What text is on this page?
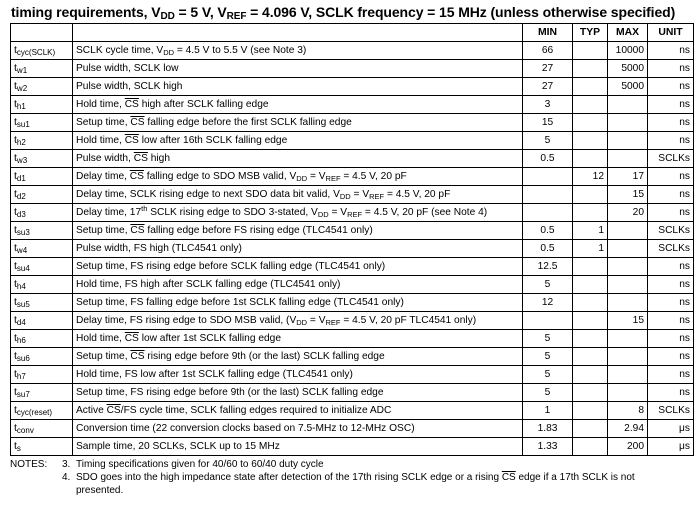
timing requirements, $V_{DD} = 5$ V, $V_{REF} = 4.096$ V, SCLK frequency = 15 MHz (unless otherwise specified)
		MIN	TYP	MAX	UNIT
$t_{cyc(SCLK)}$	SCLK cycle time, $V_{DD} = 4.5$ V to 5.5 V (see Note 3)	66		10000	ns
$t_{w1}$	Pulse width, SCLK low	27		5000	ns
$t_{w2}$	Pulse width, SCLK high	27		5000	ns
$t_{h1}$	Hold time, $\overline{CS}$ high after SCLK falling edge	3			ns
$t_{su1}$	Setup time, $\overline{CS}$ falling edge before the first SCLK falling edge	15			ns
$t_{h2}$	Hold time, $\overline{CS}$ low after 16th SCLK falling edge	5			ns
$t_{w3}$	Pulse width, $\overline{CS}$ high	0.5			SCLKs
$t_{d1}$	Delay time, $\overline{CS}$ falling edge to SDO MSB valid, $V_{DD} = V_{REF} = 4.5$ V, 20 pF		12	17	ns
$t_{d2}$	Delay time, SCLK rising edge to next SDO data bit valid, $V_{DD} = V_{REF} = 4.5$ V, 20 pF			15	ns
$t_{d3}$	Delay time, 17th SCLK rising edge to SDO 3-stated, $V_{DD} = V_{REF} = 4.5$ V, 20 pF (see Note 4)			20	ns
$t_{su3}$	Setup time, $\overline{CS}$ falling edge before FS rising edge (TLC4541 only)	0.5	1		SCLKs
$t_{w4}$	Pulse width, FS high (TLC4541 only)	0.5	1		SCLKs
$t_{su4}$	Setup time, FS rising edge before SCLK falling edge (TLC4541 only)	12.5			ns
$t_{h4}$	Hold time, FS high after SCLK falling edge (TLC4541 only)	5			ns
$t_{su5}$	Setup time, FS falling edge before 1st SCLK falling edge (TLC4541 only)	12			ns
$t_{d4}$	Delay time, FS rising edge to SDO MSB valid, ($V_{DD} = V_{REF} = 4.5$ V, 20 pF TLC4541 only)			15	ns
$t_{h6}$	Hold time, $\overline{CS}$ low after 1st SCLK falling edge	5			ns
$t_{su6}$	Setup time, $\overline{CS}$ rising edge before 9th (or the last) SCLK falling edge	5			ns
$t_{h7}$	Hold time, FS low after 1st SCLK falling edge (TLC4541 only)	5			ns
$t_{su7}$	Setup time, FS rising edge before 9th (or the last) SCLK falling edge	5			ns
$t_{cyc(reset)}$	Active $\overline{CS}/FS$ cycle time, SCLK falling edges required to initialize ADC	1		8	SCLKs
$t_{conv}$	Conversion time (22 conversion clocks based on 7.5-MHz to 12-MHz OSC)	1.83		2.94	μs
$t_s$	Sample time, 20 SCLKs, SCLK up to 15 MHz	1.33		200	μs
NOTES: 3. Timing specifications given for 40/60 to 60/40 duty cycle
4. SDO goes into the high impedance state after detection of the 17th rising SCLK edge or a rising $\overline{CS}$ edge if a 17th SCLK is not
presented.
